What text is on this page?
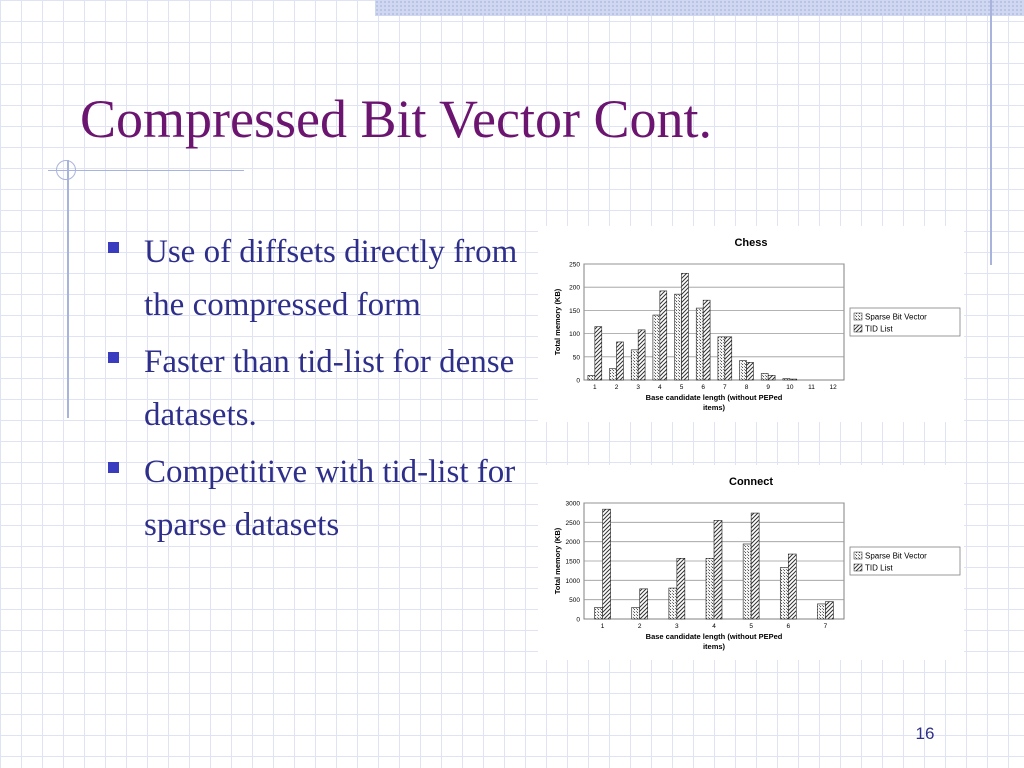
Compressed Bit Vector Cont.
Use of diffsets directly from the compressed form
Faster than tid-list for dense datasets.
Competitive with tid-list for sparse datasets
Chess
0
50
100
150
200
250
Total memory (KB)
1	2	3	4	5	6	7	8	9 10 11 12
Base candidate length (without PEPed
items)
Sparse Bit Vector
TID List
Connect
0
500
1000
1500
2000
2500
3000
Total memory (KB)
1	2	3	4	5	6	7
Base candidate length (without PEPed
items)
Sparse Bit Vector
TID List
16
